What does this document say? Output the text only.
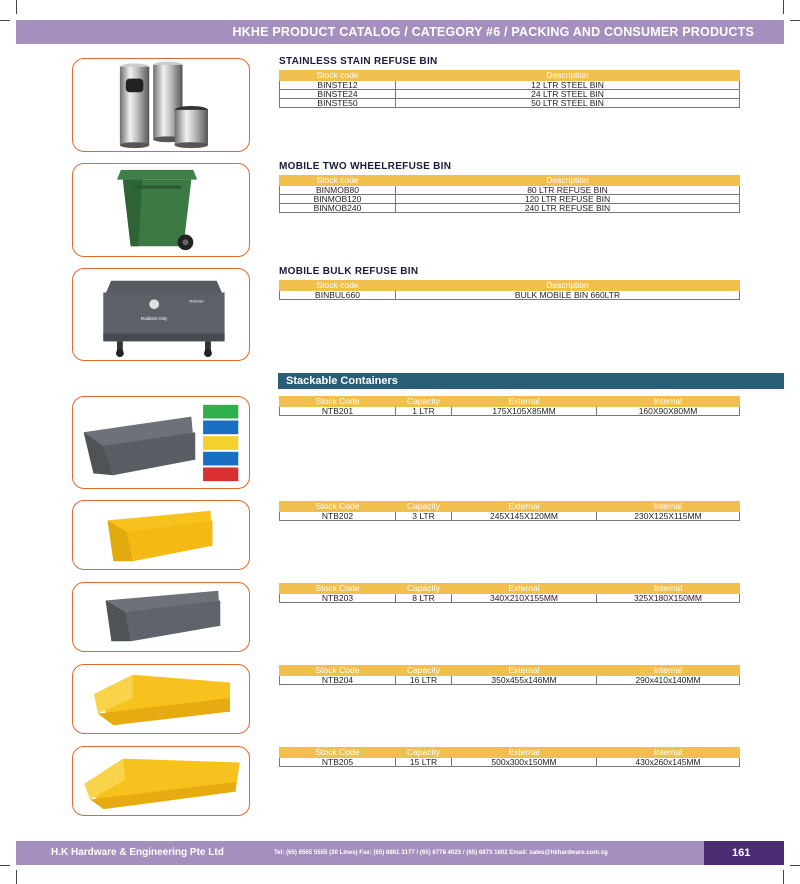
HKHE PRODUCT CATALOG / CATEGORY #6 / PACKING AND CONSUMER PRODUCTS
Rubbish Only
Rubbish
STAINLESS STAIN REFUSE BIN
Stock code	Description
BINSTE12	12 LTR STEEL BIN
BINSTE24	24 LTR STEEL BIN
BINSTE50	50 LTR STEEL BIN
MOBILE TWO WHEELREFUSE BIN
Stock code	Description
BINMOB80	80 LTR REFUSE BIN
BINMOB120	120 LTR REFUSE BIN
BINMOB240	240 LTR REFUSE BIN
MOBILE BULK REFUSE BIN
Stock code	Description
BINBUL660	BULK MOBILE BIN 660LTR
Stackable Containers
Stock Code	Capacity	External	Internal
NTB201	1 LTR	175X105X85MM	160X90X80MM
Stock Code	Capacity	External	Internal
NTB202	3 LTR	245X145X120MM	230X125X115MM
Stock Code	Capacity	External	Internal
NTB203	8 LTR	340X210X155MM	325X180X150MM
Stock Code	Capacity	External	Internal
NTB204	16 LTR	350x455x146MM	290x410x140MM
Stock Code	Capacity	External	Internal
NTB205	15 LTR	500x300x150MM	430x260x145MM
H.K Hardware & Engineering Pte Ltd	Tel: (65) 6565 5555 (30 Lines) Fax: (65) 6861 3177 / (65) 6778 4025 / (65) 6873 1602 Email: sales@hkhardware.com.sg	161
